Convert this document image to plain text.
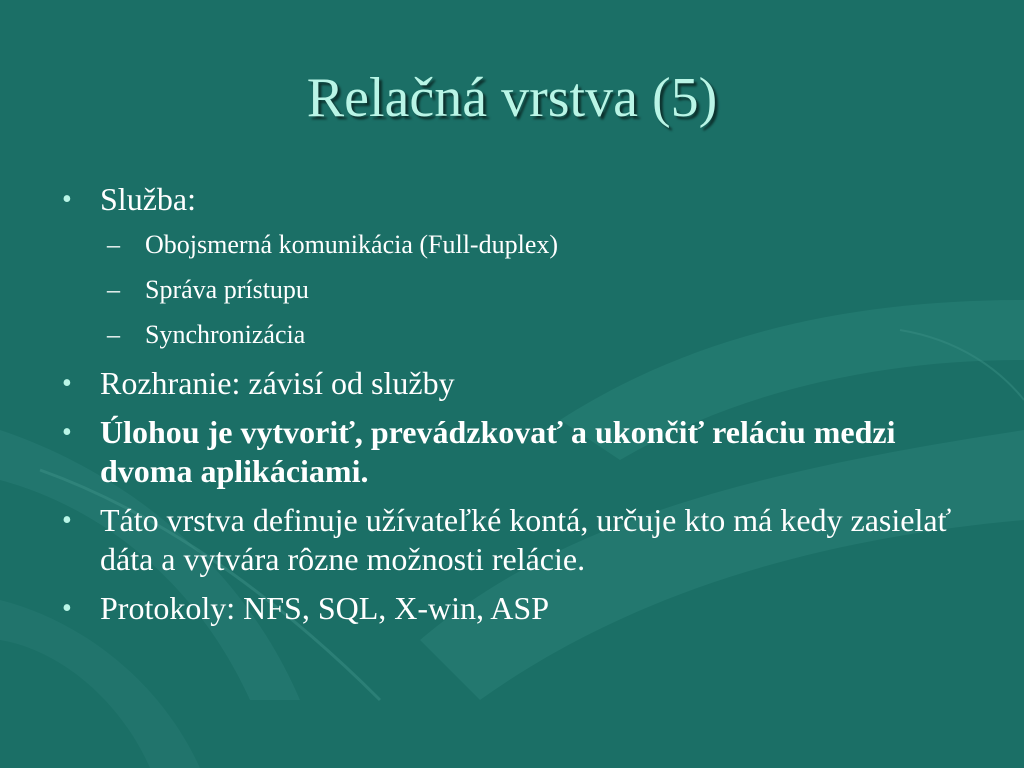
Relačná vrstva (5)
• Služba:
– Obojsmerná komunikácia (Full-duplex)
– Správa prístupu
– Synchronizácia
• Rozhranie: závisí od služby
• Úlohou je vytvoriť, prevádzkovať a ukončiť reláciu medzi dvoma aplikáciami.
• Táto vrstva definuje užívateľké kontá, určuje kto má kedy zasielať dáta a vytvára rôzne možnosti relácie.
• Protokoly: NFS, SQL, X-win, ASP
